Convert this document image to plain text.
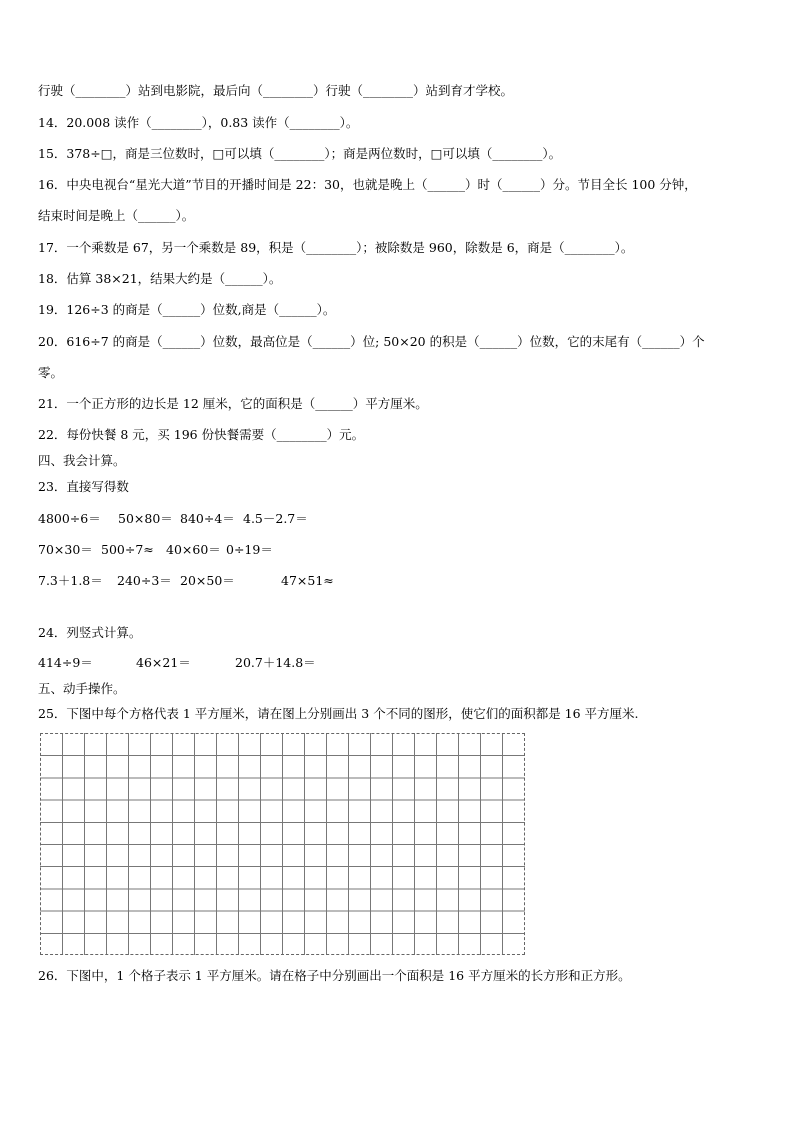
行驶（________）站到电影院，最后向（________）行驶（________）站到育才学校。
14．20.008 读作（________），0.83 读作（________）。
15．378÷□，商是三位数时，□可以填（________）；商是两位数时，□可以填（________）。
16．中央电视台“星光大道”节目的开播时间是 22：30，也就是晚上（______）时（______）分。节目全长 100 分钟，
结束时间是晚上（______）。
17．一个乘数是 67，另一个乘数是 89，积是（________）；被除数是 960，除数是 6，商是（________）。
18．估算 38×21，结果大约是（______）。
19．126÷3 的商是（______）位数,商是（______）。
20．616÷7 的商是（______）位数，最高位是（______）位; 50×20 的积是（______）位数，它的末尾有（______）个
零。
21．一个正方形的边长是 12 厘米，它的面积是（______）平方厘米。
22．每份快餐 8 元，买 196 份快餐需要（________）元。
四、我会计算。
23．直接写得数
4800÷6＝ 50×80＝ 840÷4＝ 4.5－2.7＝
70×30＝ 500÷7≈ 40×60＝ 0÷19＝
7.3＋1.8＝ 240÷3＝ 20×50＝	47×51≈
24．列竖式计算。
414÷9＝	46×21＝	20.7＋14.8＝
五、动手操作。
25．下图中每个方格代表 1 平方厘米，请在图上分别画出 3 个不同的图形，使它们的面积都是 16 平方厘米.
26．下图中，1 个格子表示 1 平方厘米。请在格子中分别画出一个面积是 16 平方厘米的长方形和正方形。
